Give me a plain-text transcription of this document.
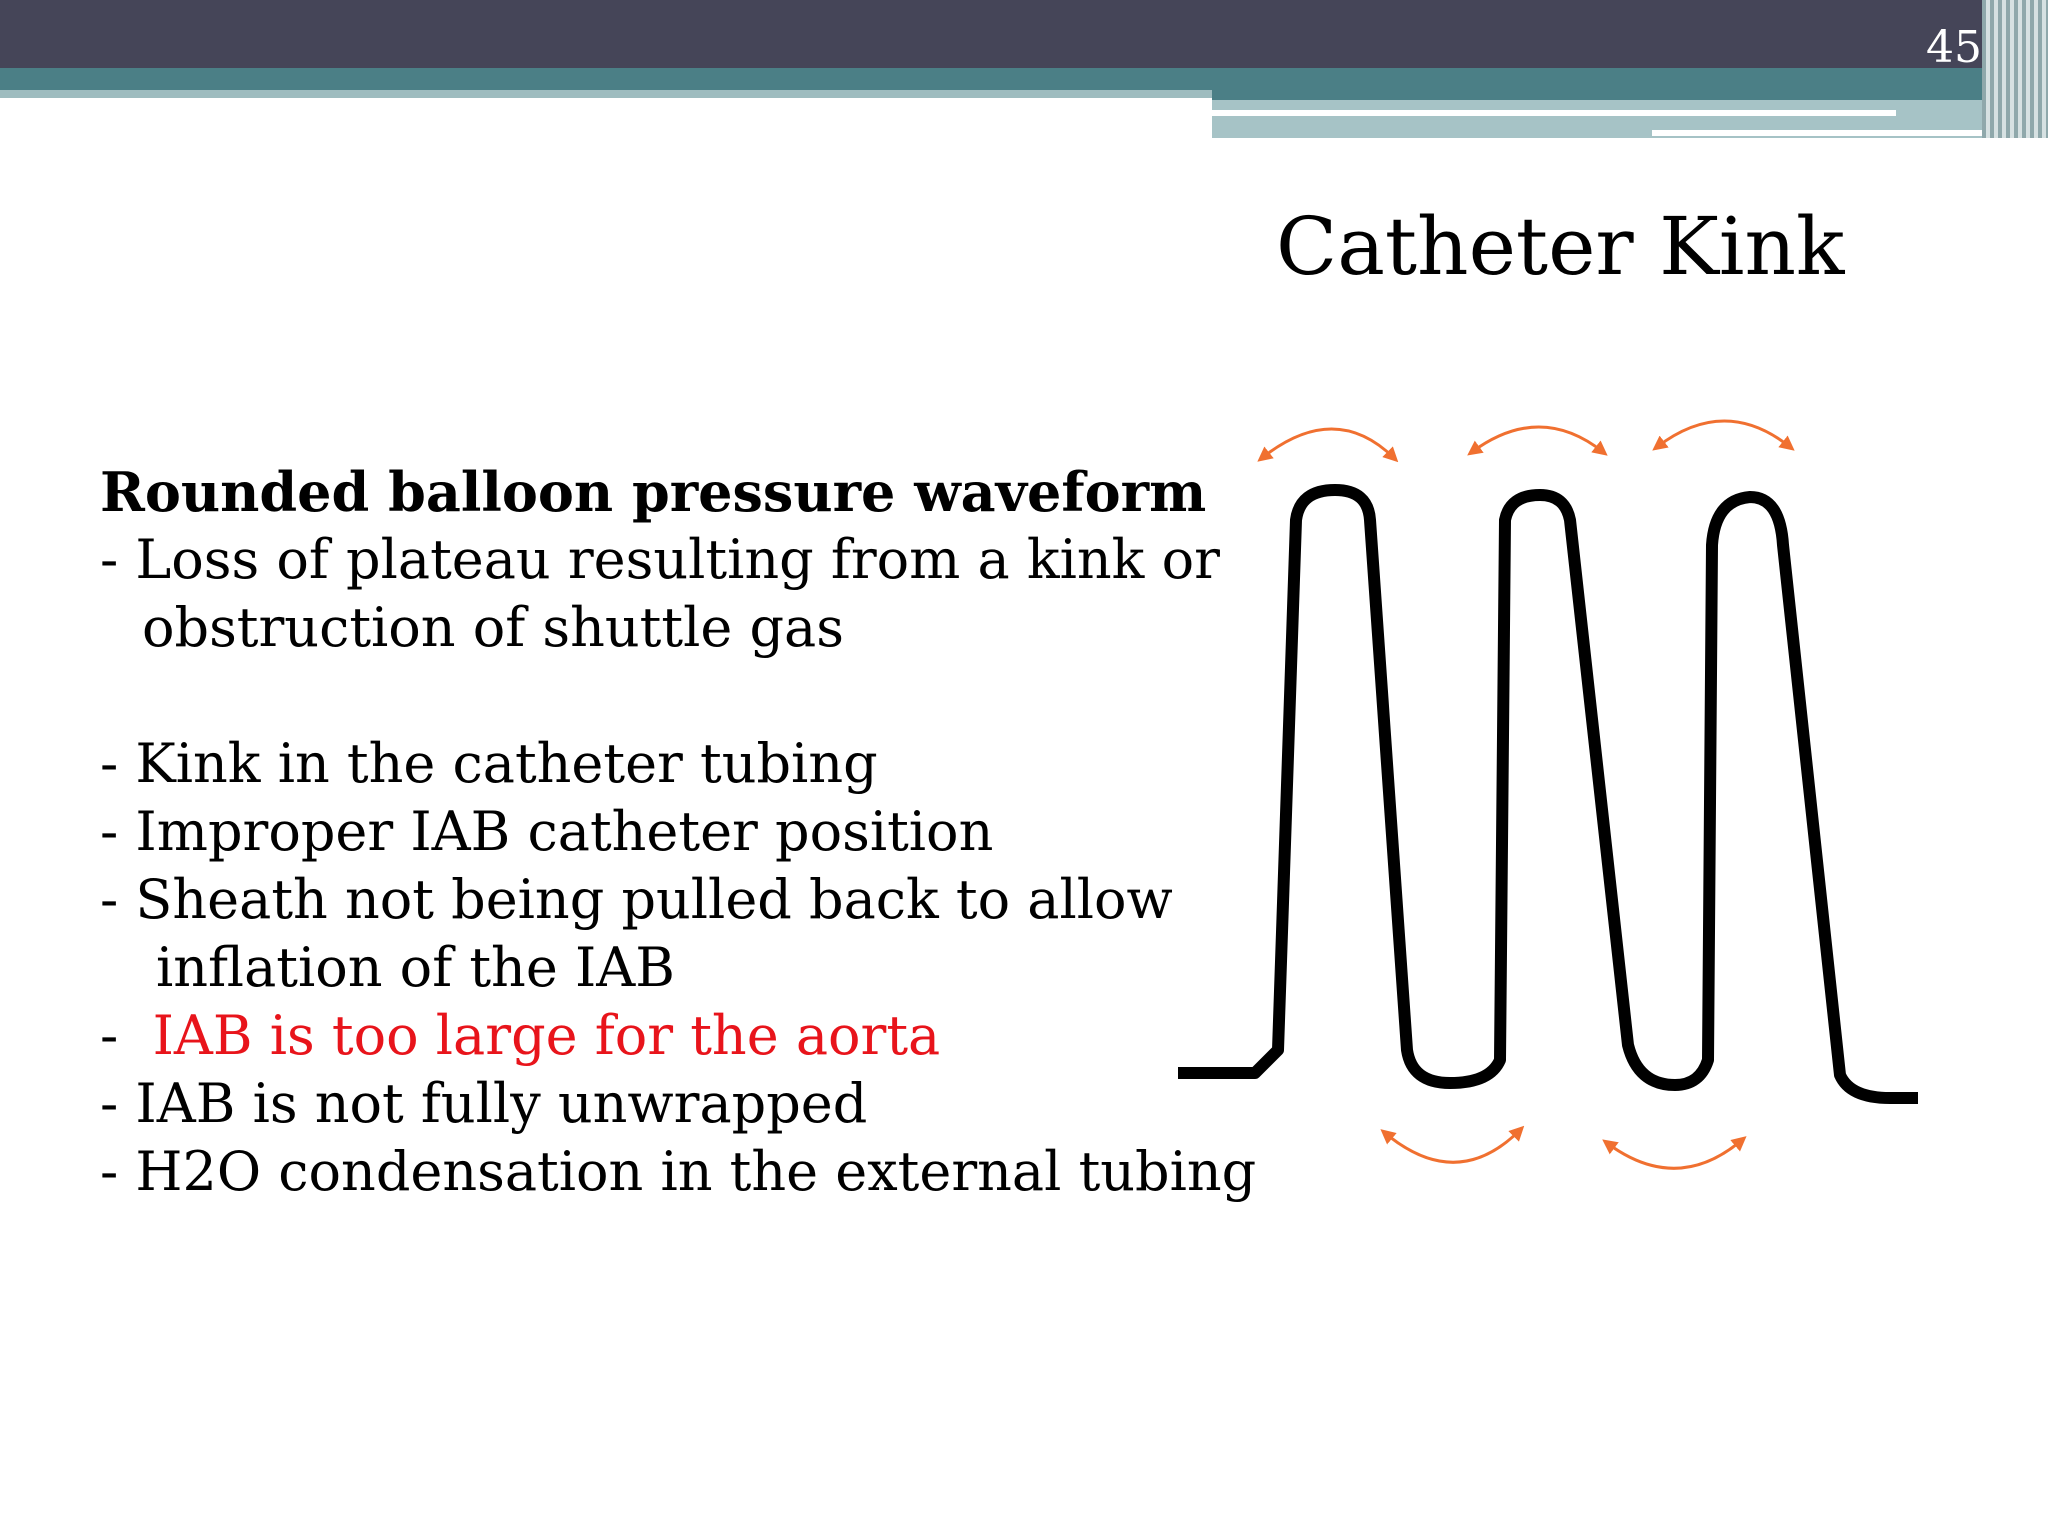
45
Catheter Kink
Rounded balloon pressure waveform
- Loss of plateau resulting from a kink or
obstruction of shuttle gas
- Kink in the catheter tubing
- Improper IAB catheter position
- Sheath not being pulled back to allow
inflation of the IAB
-  IAB is too large for the aorta
- IAB is not fully unwrapped
- H2O condensation in the external tubing
